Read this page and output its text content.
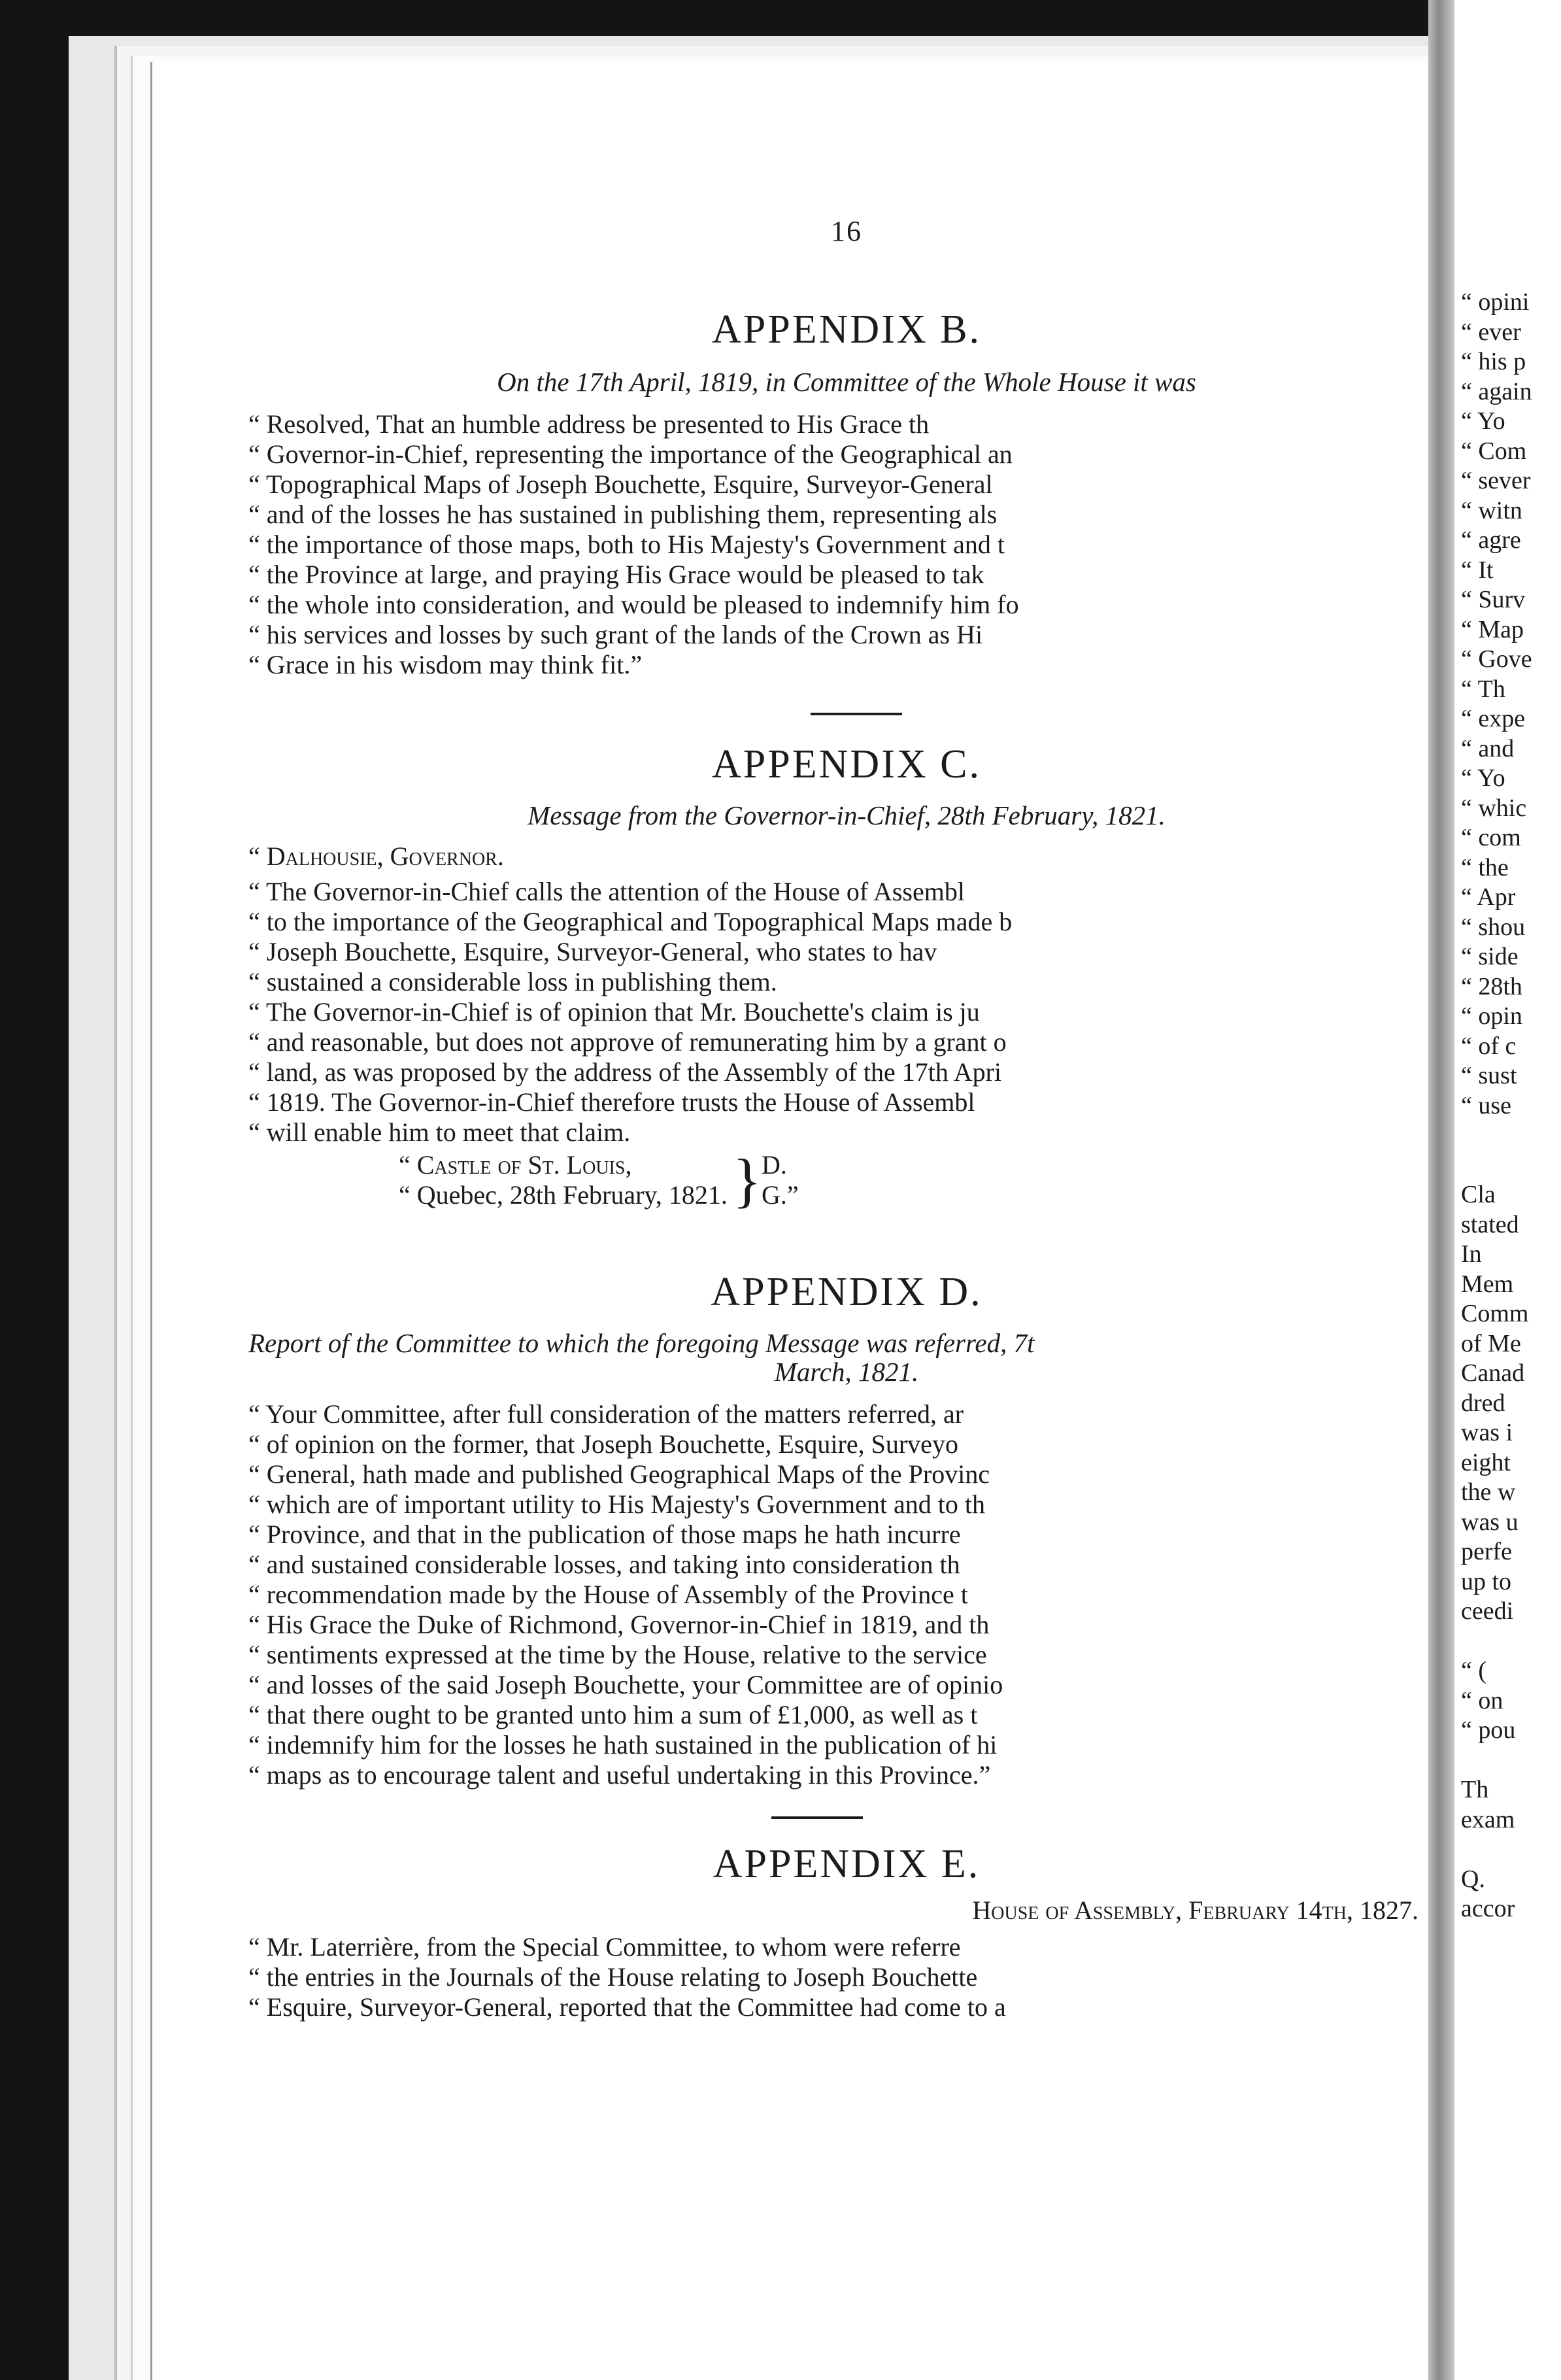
16
APPENDIX B.

On the 17th April, 1819, in Committee of the Whole House it was

“ Resolved, That an humble address be presented to His Grace th

“ Governor-in-Chief, representing the importance of the Geographical an

“ Topographical Maps of Joseph Bouchette, Esquire, Surveyor-General

“ and of the losses he has sustained in publishing them, representing als

“ the importance of those maps, both to His Majesty's Government and t

“ the Province at large, and praying His Grace would be pleased to tak

“ the whole into consideration, and would be pleased to indemnify him fo

“ his services and losses by such grant of the lands of the Crown as Hi

“ Grace in his wisdom may think fit.”

APPENDIX C.

Message from the Governor-in-Chief, 28th February, 1821.

“ Dalhousie, Governor.

“ The Governor-in-Chief calls the attention of the House of Assembl

“ to the importance of the Geographical and Topographical Maps made b

“ Joseph Bouchette, Esquire, Surveyor-General, who states to hav

“ sustained a considerable loss in publishing them.

“ The Governor-in-Chief is of opinion that Mr. Bouchette's claim is ju

“ and reasonable, but does not approve of remunerating him by a grant o

“ land, as was proposed by the address of the Assembly of the 17th Apri

“ 1819. The Governor-in-Chief therefore trusts the House of Assembl

“ will enable him to meet that claim.

“ Castle of St. Louis,
“ Quebec, 28th February, 1821. } D.
G.”
APPENDIX D.

Report of the Committee to which the foregoing Message was referred, 7t

March, 1821.

“ Your Committee, after full consideration of the matters referred, ar

“ of opinion on the former, that Joseph Bouchette, Esquire, Surveyo

“ General, hath made and published Geographical Maps of the Provinc

“ which are of important utility to His Majesty's Government and to th

“ Province, and that in the publication of those maps he hath incurre

“ and sustained considerable losses, and taking into consideration th

“ recommendation made by the House of Assembly of the Province t

“ His Grace the Duke of Richmond, Governor-in-Chief in 1819, and th

“ sentiments expressed at the time by the House, relative to the service

“ and losses of the said Joseph Bouchette, your Committee are of opinio

“ that there ought to be granted unto him a sum of £1,000, as well as t

“ indemnify him for the losses he hath sustained in the publication of hi

“ maps as to encourage talent and useful undertaking in this Province.”

APPENDIX E.

House of Assembly, February 14th, 1827.

“ Mr. Laterrière, from the Special Committee, to whom were referre

“ the entries in the Journals of the House relating to Joseph Bouchette

“ Esquire, Surveyor-General, reported that the Committee had come to a

“ opini
“ ever
“ his p
“ again
“ Yo
“ Com
“ sever
“ witn
“ agre
“ It
“ Surv
“ Map
“ Gove
“ Th
“ expe
“ and
“ Yo
“ whic
“ com
“ the
“ Apr
“ shou
“ side
“ 28th
“ opin
“ of c
“ sust
“ use

Cla
stated
In
Mem
Comm
of Me
Canad
dred
was i
eight
the w
was u
perfe
up to
ceedi

“ (
“ on
“ pou

Th
exam

Q.
accor
